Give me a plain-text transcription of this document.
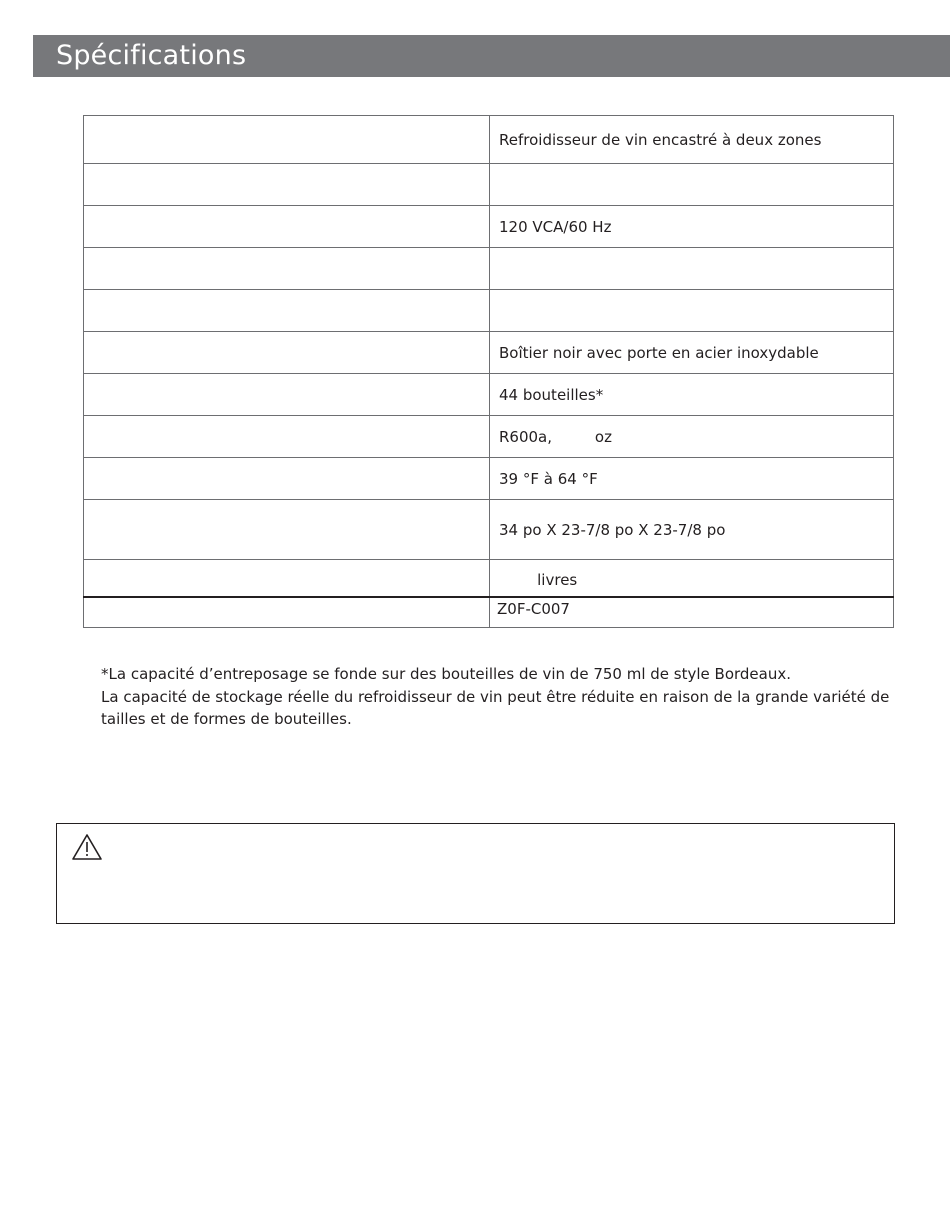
Spécifications
	Refroidisseur de vin encastré à deux zones

	120 VCA/60 Hz

	Boîtier noir avec porte en acier inoxydable
	44 bouteilles*
	R600a,         oz
	39 °F à 64 °F
	34 po X 23-7/8 po X 23-7/8 po
	livres
	Z0F-C007

*La capacité d’entreposage se fonde sur des bouteilles de vin de 750 ml de style Bordeaux.

La capacité de stockage réelle du refroidisseur de vin peut être réduite en raison de la grande variété de tailles et de formes de bouteilles.
